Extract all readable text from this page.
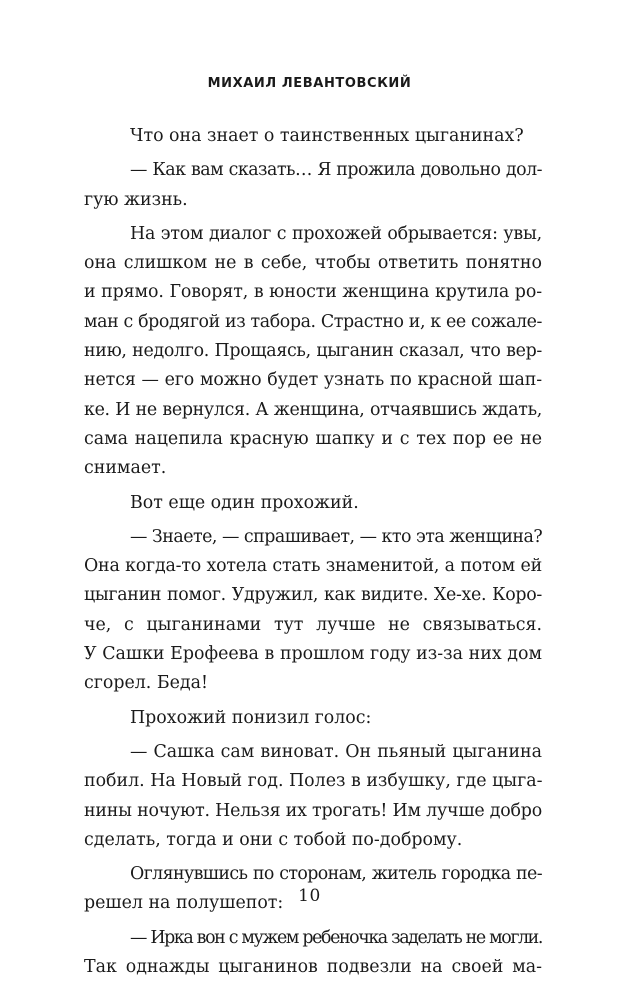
МИХАИЛ ЛЕВАНТОВСКИЙ
Что она знает о таинственных цыганинах?
— Как вам сказать… Я прожила довольно дол-
гую жизнь.
На этом диалог с прохожей обрывается: увы,
она слишком не в себе, чтобы ответить понятно
и прямо. Говорят, в юности женщина крутила ро-
ман с бродягой из табора. Страстно и, к ее сожале-
нию, недолго. Прощаясь, цыганин сказал, что вер-
нется — его можно будет узнать по красной шап-
ке. И не вернулся. А женщина, отчаявшись ждать,
сама нацепила красную шапку и с тех пор ее не
снимает.
Вот еще один прохожий.
— Знаете, — спрашивает, — кто эта женщина?
Она когда-то хотела стать знаменитой, а потом ей
цыганин помог. Удружил, как видите. Хе-хе. Коро-
че, с цыганинами тут лучше не связываться.
У Сашки Ерофеева в прошлом году из-за них дом
сгорел. Беда!
Прохожий понизил голос:
— Сашка сам виноват. Он пьяный цыганина
побил. На Новый год. Полез в избушку, где цыга-
нины ночуют. Нельзя их трогать! Им лучше добро
сделать, тогда и они с тобой по-доброму.
Оглянувшись по сторонам, житель городка пе-
решел на полушепот:
— Ирка вон с мужем ребеночка заделать не могли.
Так однажды цыганинов подвезли на своей ма-
10
